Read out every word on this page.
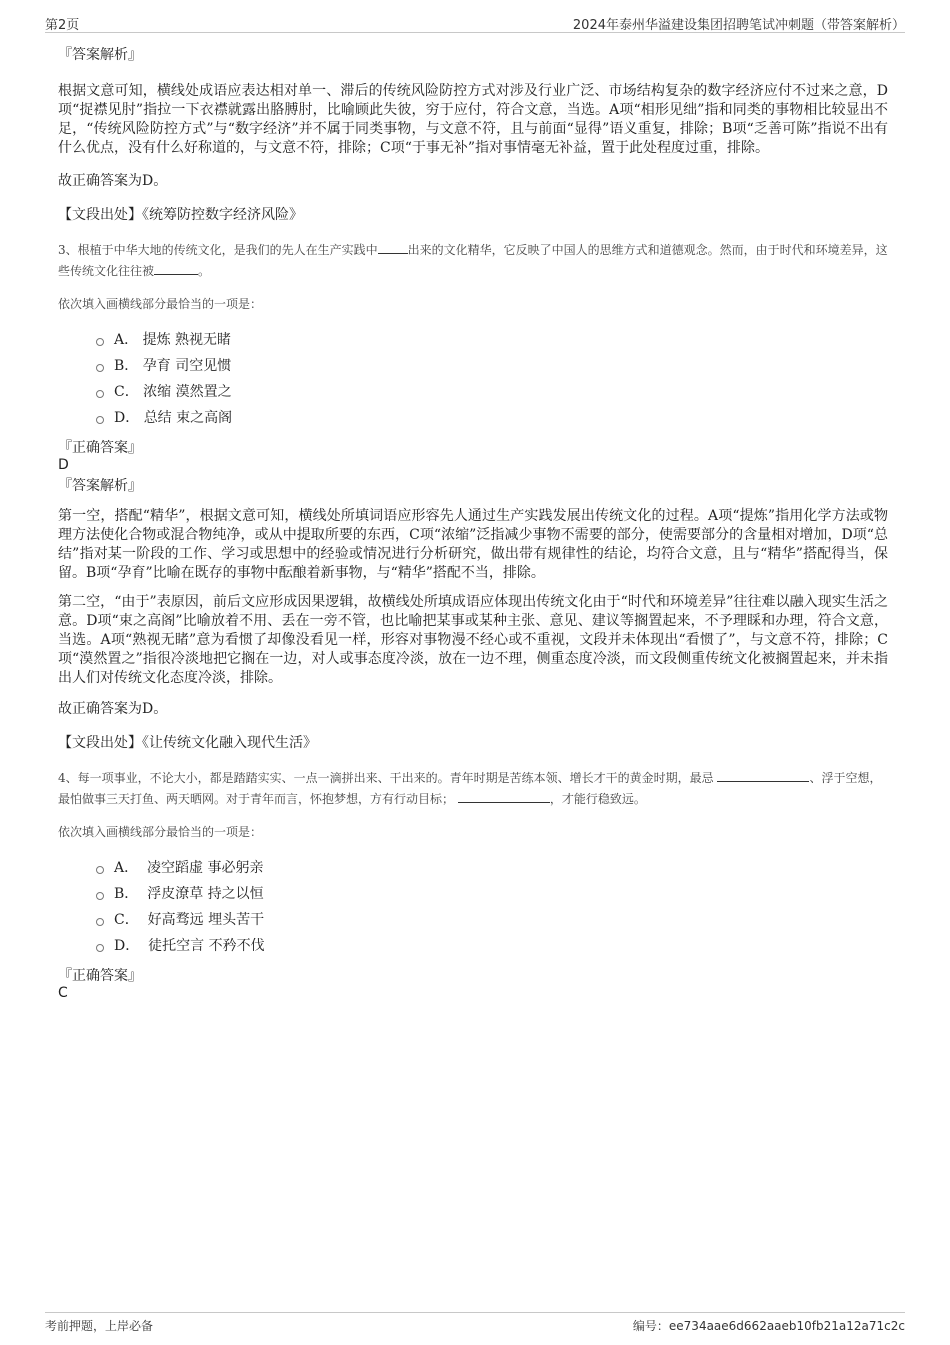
第2页	2024年泰州华溢建设集团招聘笔试冲刺题（带答案解析）

『答案解析』

根据文意可知，横线处成语应表达相对单一、滞后的传统风险防控方式对涉及行业广泛、市场结构复杂的数字经济应付不过来之意，D项“捉襟见肘”指拉一下衣襟就露出胳膊肘，比喻顾此失彼，穷于应付，符合文意，当选。A项“相形见绌”指和同类的事物相比较显出不足，“传统风险防控方式”与“数字经济”并不属于同类事物，与文意不符，且与前面“显得”语义重复，排除；B项“乏善可陈”指说不出有什么优点，没有什么好称道的，与文意不符，排除；C项“于事无补”指对事情毫无补益，置于此处程度过重，排除。

故正确答案为D。

【文段出处】《统筹防控数字经济风险》

3、根植于中华大地的传统文化，是我们的先人在生产实践中	出来的文化精华，它反映了中国人的思维方式和道德观念。然而，由于时代和环境差异，这些传统文化往往被	。

依次填入画横线部分最恰当的一项是：

A．
提炼 熟视无睹
B．
孕育 司空见惯
C．
浓缩 漠然置之
D．
总结 束之高阁

『正确答案』

D

『答案解析』

第一空，搭配“精华”，根据文意可知，横线处所填词语应形容先人通过生产实践发展出传统文化的过程。A项“提炼”指用化学方法或物理方法使化合物或混合物纯净，或从中提取所要的东西，C项“浓缩”泛指减少事物不需要的部分，使需要部分的含量相对增加，D项“总结”指对某一阶段的工作、学习或思想中的经验或情况进行分析研究，做出带有规律性的结论，均符合文意，且与“精华”搭配得当，保留。B项“孕育”比喻在既存的事物中酝酿着新事物，与“精华”搭配不当，排除。

第二空，“由于”表原因，前后文应形成因果逻辑，故横线处所填成语应体现出传统文化由于“时代和环境差异”往往难以融入现实生活之意。D项“束之高阁”比喻放着不用、丢在一旁不管，也比喻把某事或某种主张、意见、建议等搁置起来，不予理睬和办理，符合文意，当选。A项“熟视无睹”意为看惯了却像没看见一样，形容对事物漫不经心或不重视，文段并未体现出“看惯了”，与文意不符，排除；C项“漠然置之”指很冷淡地把它搁在一边，对人或事态度冷淡，放在一边不理，侧重态度冷淡，而文段侧重传统文化被搁置起来，并未指出人们对传统文化态度冷淡，排除。

故正确答案为D。

【文段出处】《让传统文化融入现代生活》

4、每一项事业，不论大小，都是踏踏实实、一点一滴拼出来、干出来的。青年时期是苦练本领、增长才干的黄金时期，最忌	、浮于空想，最怕做事三天打鱼、两天晒网。对于青年而言，怀抱梦想，方有行动目标；	，才能行稳致远。

依次填入画横线部分最恰当的一项是：

A．
凌空蹈虚 事必躬亲
B．
浮皮潦草 持之以恒
C．
好高骛远 埋头苦干
D．
徒托空言 不矜不伐

『正确答案』

C

考前押题，上岸必备	编号：ee734aae6d662aaeb10fb21a12a71c2c
